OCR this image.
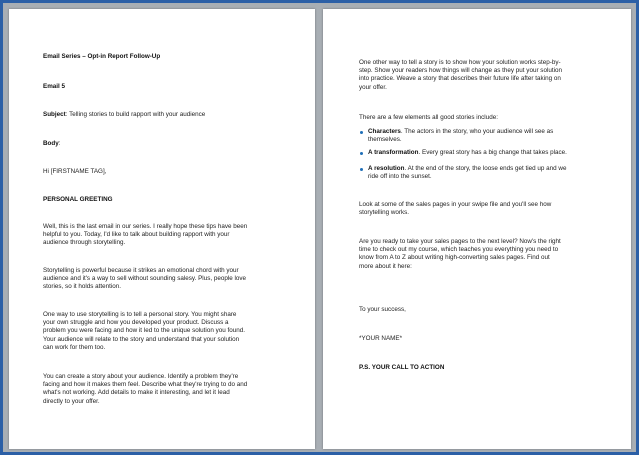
Email Series – Opt-in Report Follow-Up
Email 5
Subject: Telling stories to build rapport with your audience
Body:
Hi [FIRSTNAME TAG],
PERSONAL GREETING
Well, this is the last email in our series. I really hope these tips have been
helpful to you. Today, I'd like to talk about building rapport with your
audience through storytelling.
Storytelling is powerful because it strikes an emotional chord with your
audience and it's a way to sell without sounding salesy. Plus, people love
stories, so it holds attention.
One way to use storytelling is to tell a personal story. You might share
your own struggle and how you developed your product. Discuss a
problem you were facing and how it led to the unique solution you found.
Your audience will relate to the story and understand that your solution
can work for them too.
You can create a story about your audience. Identify a problem they're
facing and how it makes them feel. Describe what they're trying to do and
what's not working. Add details to make it interesting, and let it lead
directly to your offer.
One other way to tell a story is to show how your solution works step-by-
step. Show your readers how things will change as they put your solution
into practice. Weave a story that describes their future life after taking on
your offer.
There are a few elements all good stories include:
Characters. The actors in the story, who your audience will see as
themselves.
A transformation. Every great story has a big change that takes place.
A resolution. At the end of the story, the loose ends get tied up and we
ride off into the sunset.
Look at some of the sales pages in your swipe file and you'll see how
storytelling works.
Are you ready to take your sales pages to the next level? Now's the right
time to check out my course, which teaches you everything you need to
know from A to Z about writing high-converting sales pages. Find out
more about it here:
To your success,
*YOUR NAME*
P.S. YOUR CALL TO ACTION
